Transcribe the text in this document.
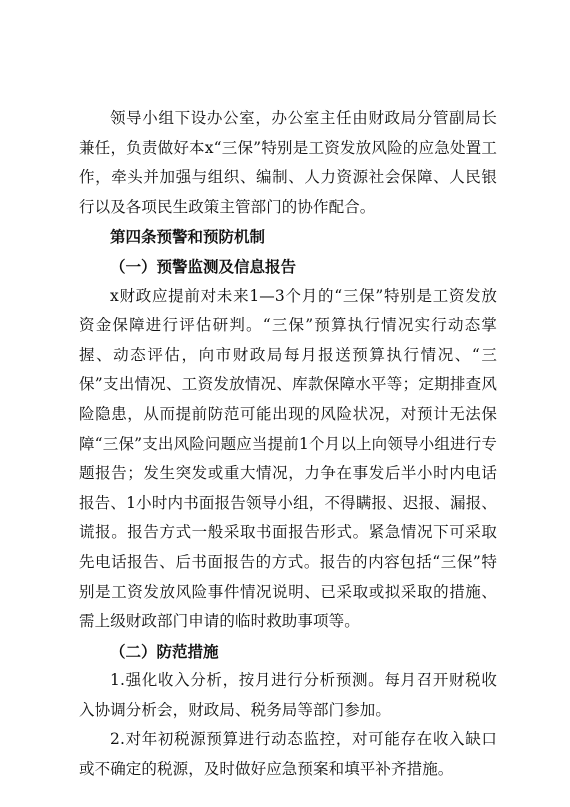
领导小组下设办公室，办公室主任由财政局分管副局长兼任，负责做好本x“三保”特别是工资发放风险的应急处置工作，牵头并加强与组织、编制、人力资源社会保障、人民银行以及各项民生政策主管部门的协作配合。

第四条预警和预防机制

（一）预警监测及信息报告

x财政应提前对未来1—3个月的“三保”特别是工资发放资金保障进行评估研判。“三保”预算执行情况实行动态掌握、动态评估，向市财政局每月报送预算执行情况、“三保”支出情况、工资发放情况、库款保障水平等；定期排查风险隐患，从而提前防范可能出现的风险状况，对预计无法保障“三保”支出风险问题应当提前1个月以上向领导小组进行专题报告；发生突发或重大情况，力争在事发后半小时内电话报告、1小时内书面报告领导小组，不得瞒报、迟报、漏报、谎报。报告方式一般采取书面报告形式。紧急情况下可采取先电话报告、后书面报告的方式。报告的内容包括“三保”特别是工资发放风险事件情况说明、已采取或拟采取的措施、需上级财政部门申请的临时救助事项等。

（二）防范措施

1.强化收入分析，按月进行分析预测。每月召开财税收入协调分析会，财政局、税务局等部门参加。

2.对年初税源预算进行动态监控，对可能存在收入缺口或不确定的税源，及时做好应急预案和填平补齐措施。
